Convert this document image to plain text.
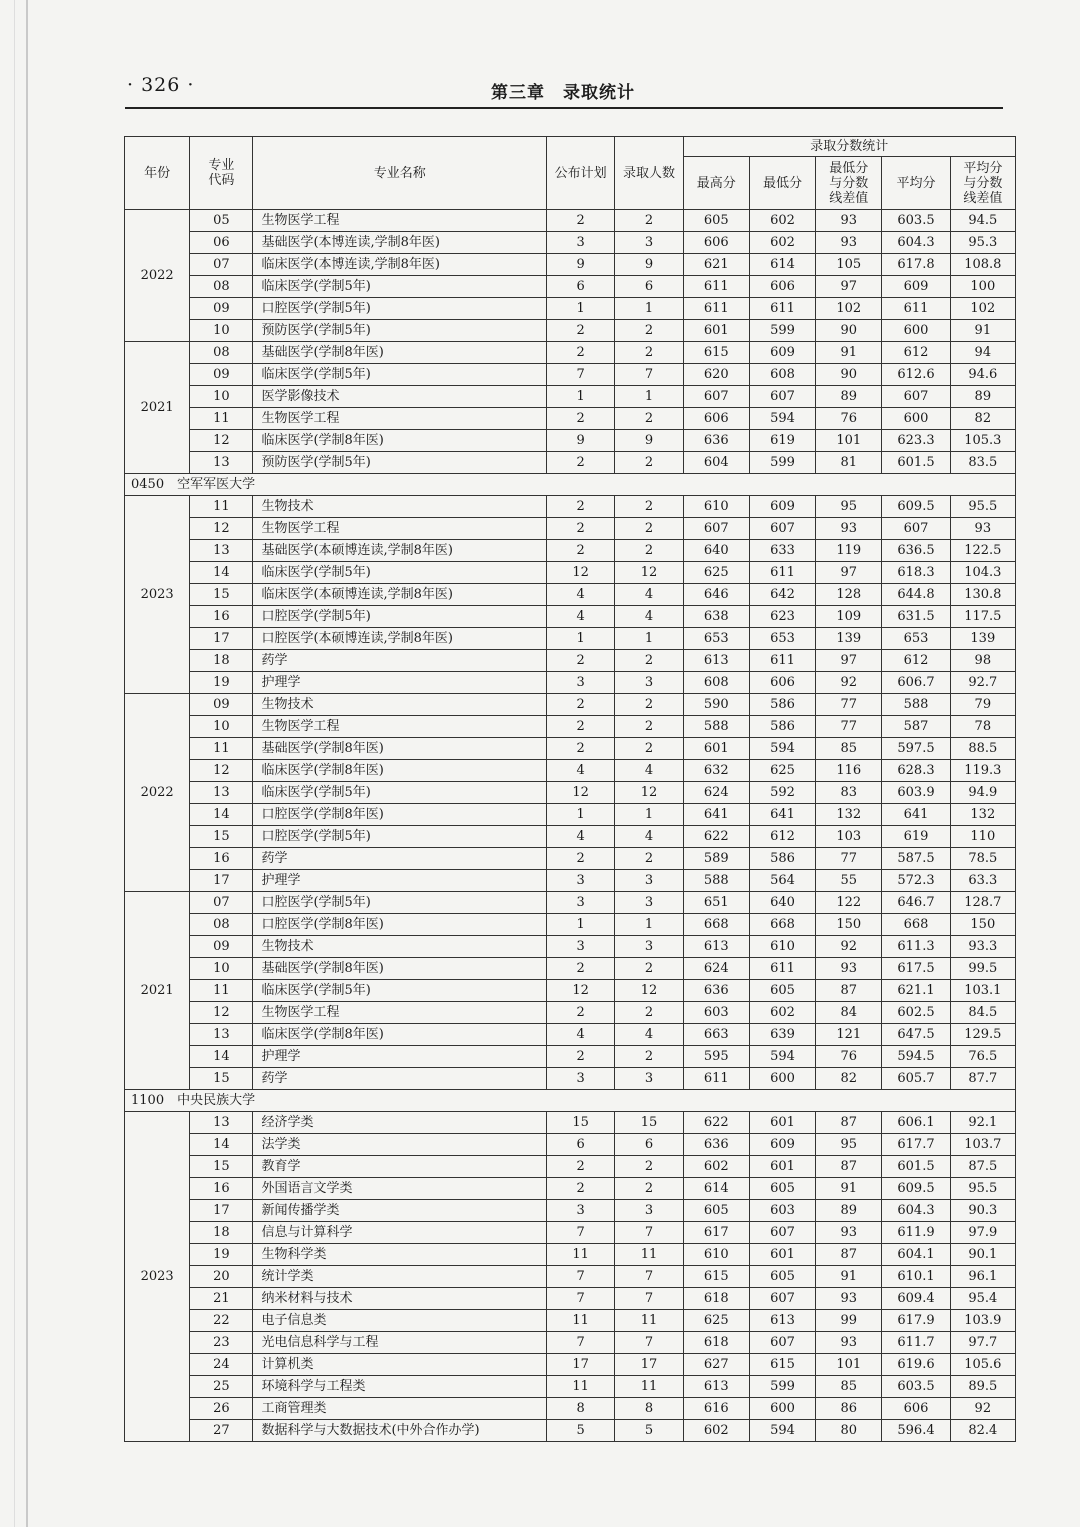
· 326 ·	第三章　录取统计
年份	专业代码	专业名称	公布计划	录取人数	录取分数统计				
					最高分	最低分	最低分与分数线差值	平均分	平均分与分数线差值
2022	05	生物医学工程	2	2	605	602	93	603.5	94.5
	06	基础医学(本博连读,学制8年医)	3	3	606	602	93	604.3	95.3
	07	临床医学(本博连读,学制8年医)	9	9	621	614	105	617.8	108.8
	08	临床医学(学制5年)	6	6	611	606	97	609	100
	09	口腔医学(学制5年)	1	1	611	611	102	611	102
	10	预防医学(学制5年)	2	2	601	599	90	600	91
2021	08	基础医学(学制8年医)	2	2	615	609	91	612	94
	09	临床医学(学制5年)	7	7	620	608	90	612.6	94.6
	10	医学影像技术	1	1	607	607	89	607	89
	11	生物医学工程	2	2	606	594	76	600	82
	12	临床医学(学制8年医)	9	9	636	619	101	623.3	105.3
	13	预防医学(学制5年)	2	2	604	599	81	601.5	83.5
0450　空军军医大学									
2023	11	生物技术	2	2	610	609	95	609.5	95.5
	12	生物医学工程	2	2	607	607	93	607	93
	13	基础医学(本硕博连读,学制8年医)	2	2	640	633	119	636.5	122.5
	14	临床医学(学制5年)	12	12	625	611	97	618.3	104.3
	15	临床医学(本硕博连读,学制8年医)	4	4	646	642	128	644.8	130.8
	16	口腔医学(学制5年)	4	4	638	623	109	631.5	117.5
	17	口腔医学(本硕博连读,学制8年医)	1	1	653	653	139	653	139
	18	药学	2	2	613	611	97	612	98
	19	护理学	3	3	608	606	92	606.7	92.7
2022	09	生物技术	2	2	590	586	77	588	79
	10	生物医学工程	2	2	588	586	77	587	78
	11	基础医学(学制8年医)	2	2	601	594	85	597.5	88.5
	12	临床医学(学制8年医)	4	4	632	625	116	628.3	119.3
	13	临床医学(学制5年)	12	12	624	592	83	603.9	94.9
	14	口腔医学(学制8年医)	1	1	641	641	132	641	132
	15	口腔医学(学制5年)	4	4	622	612	103	619	110
	16	药学	2	2	589	586	77	587.5	78.5
	17	护理学	3	3	588	564	55	572.3	63.3
2021	07	口腔医学(学制5年)	3	3	651	640	122	646.7	128.7
	08	口腔医学(学制8年医)	1	1	668	668	150	668	150
	09	生物技术	3	3	613	610	92	611.3	93.3
	10	基础医学(学制8年医)	2	2	624	611	93	617.5	99.5
	11	临床医学(学制5年)	12	12	636	605	87	621.1	103.1
	12	生物医学工程	2	2	603	602	84	602.5	84.5
	13	临床医学(学制8年医)	4	4	663	639	121	647.5	129.5
	14	护理学	2	2	595	594	76	594.5	76.5
	15	药学	3	3	611	600	82	605.7	87.7
1100　中央民族大学									
2023	13	经济学类	15	15	622	601	87	606.1	92.1
	14	法学类	6	6	636	609	95	617.7	103.7
	15	教育学	2	2	602	601	87	601.5	87.5
	16	外国语言文学类	2	2	614	605	91	609.5	95.5
	17	新闻传播学类	3	3	605	603	89	604.3	90.3
	18	信息与计算科学	7	7	617	607	93	611.9	97.9
	19	生物科学类	11	11	610	601	87	604.1	90.1
	20	统计学类	7	7	615	605	91	610.1	96.1
	21	纳米材料与技术	7	7	618	607	93	609.4	95.4
	22	电子信息类	11	11	625	613	99	617.9	103.9
	23	光电信息科学与工程	7	7	618	607	93	611.7	97.7
	24	计算机类	17	17	627	615	101	619.6	105.6
	25	环境科学与工程类	11	11	613	599	85	603.5	89.5
	26	工商管理类	8	8	616	600	86	606	92
	27	数据科学与大数据技术(中外合作办学)	5	5	602	594	80	596.4	82.4
